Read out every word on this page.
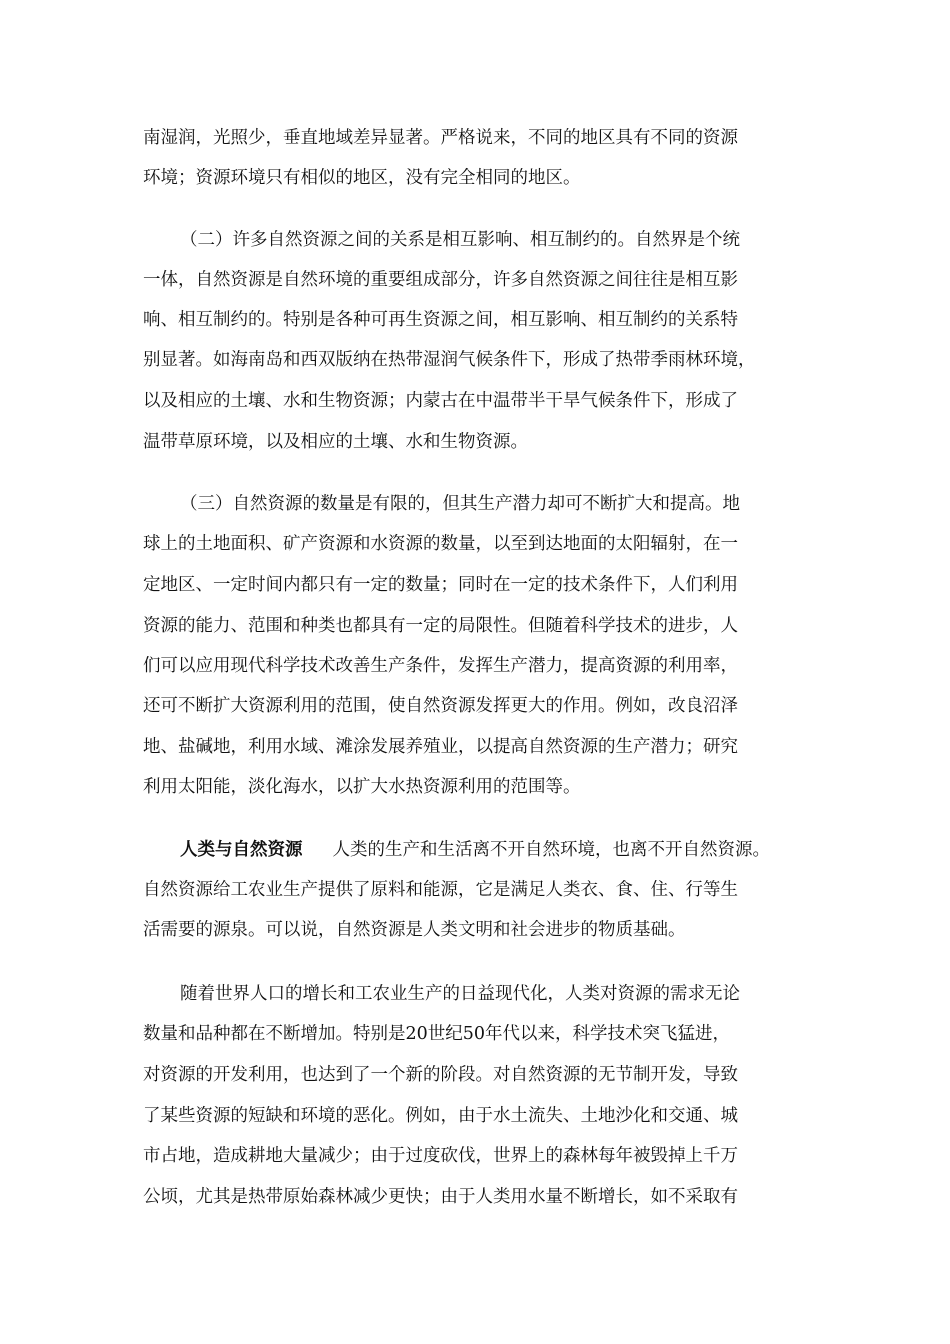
南湿润，光照少，垂直地域差异显著。严格说来，不同的地区具有不同的资源
环境；资源环境只有相似的地区，没有完全相同的地区。
（二）许多自然资源之间的关系是相互影响、相互制约的。自然界是个统
一体，自然资源是自然环境的重要组成部分，许多自然资源之间往往是相互影
响、相互制约的。特别是各种可再生资源之间，相互影响、相互制约的关系特
别显著。如海南岛和西双版纳在热带湿润气候条件下，形成了热带季雨林环境，
以及相应的土壤、水和生物资源；内蒙古在中温带半干旱气候条件下，形成了
温带草原环境，以及相应的土壤、水和生物资源。
（三）自然资源的数量是有限的，但其生产潜力却可不断扩大和提高。地
球上的土地面积、矿产资源和水资源的数量，以至到达地面的太阳辐射，在一
定地区、一定时间内都只有一定的数量；同时在一定的技术条件下，人们利用
资源的能力、范围和种类也都具有一定的局限性。但随着科学技术的进步，人
们可以应用现代科学技术改善生产条件，发挥生产潜力，提高资源的利用率，
还可不断扩大资源利用的范围，使自然资源发挥更大的作用。例如，改良沼泽
地、盐碱地，利用水域、滩涂发展养殖业，以提高自然资源的生产潜力；研究
利用太阳能，淡化海水，以扩大水热资源利用的范围等。
人类与自然资源 人类的生产和生活离不开自然环境，也离不开自然资源。
自然资源给工农业生产提供了原料和能源，它是满足人类衣、食、住、行等生
活需要的源泉。可以说，自然资源是人类文明和社会进步的物质基础。
随着世界人口的增长和工农业生产的日益现代化，人类对资源的需求无论
数量和品种都在不断增加。特别是20世纪50年代以来，科学技术突飞猛进，
对资源的开发利用，也达到了一个新的阶段。对自然资源的无节制开发，导致
了某些资源的短缺和环境的恶化。例如，由于水土流失、土地沙化和交通、城
市占地，造成耕地大量减少；由于过度砍伐，世界上的森林每年被毁掉上千万
公顷，尤其是热带原始森林减少更快；由于人类用水量不断增长，如不采取有
